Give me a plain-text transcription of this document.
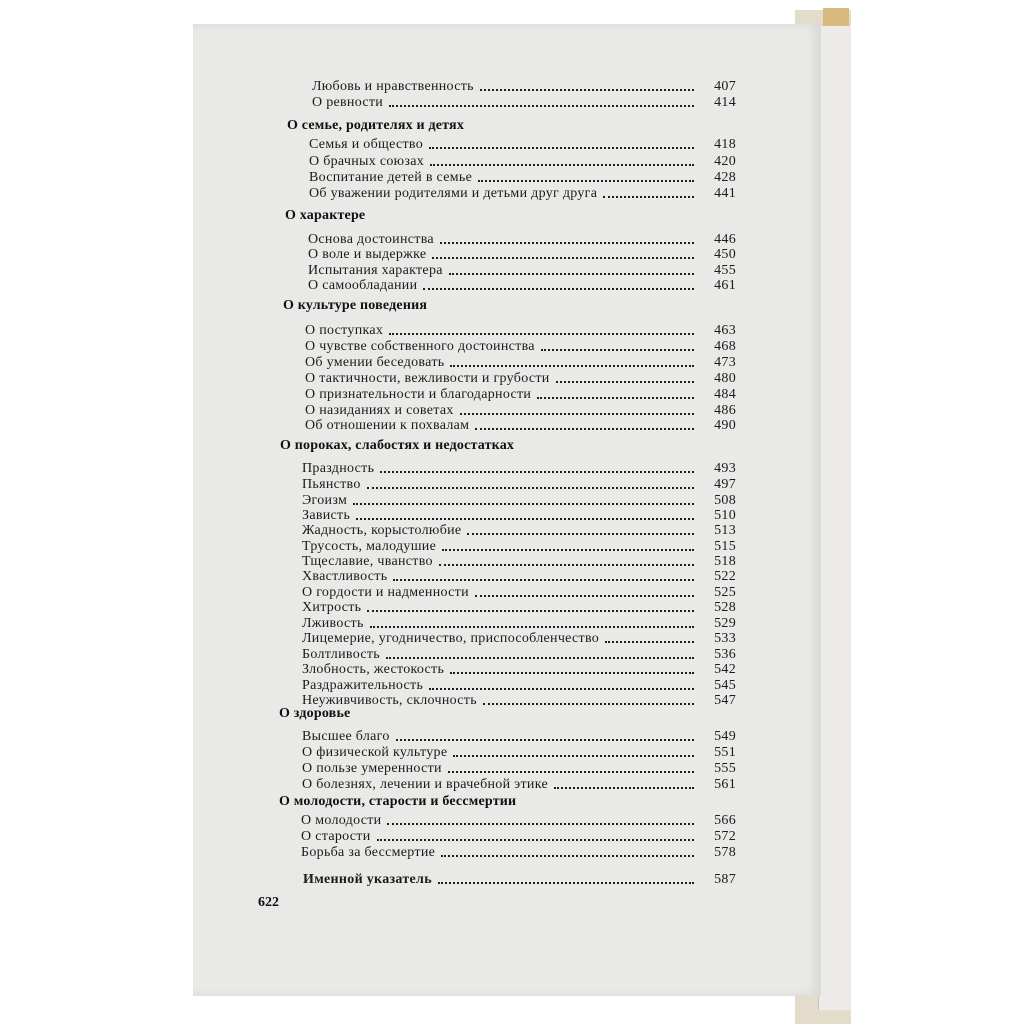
Любовь и нравственность	407
О ревности	414
О семье, родителях и детях
Семья и общество	418
О брачных союзах	420
Воспитание детей в семье	428
Об уважении родителями и детьми друг друга	441
О характере
Основа достоинства	446
О воле и выдержке	450
Испытания характера	455
О самообладании	461
О культуре поведения
О поступках	463
О чувстве собственного достоинства	468
Об умении беседовать	473
О тактичности, вежливости и грубости	480
О признательности и благодарности	484
О назиданиях и советах	486
Об отношении к похвалам	490
О пороках, слабостях и недостатках
Праздность	493
Пьянство	497
Эгоизм	508
Зависть	510
Жадность, корыстолюбие	513
Трусость, малодушие	515
Тщеславие, чванство	518
Хвастливость	522
О гордости и надменности	525
Хитрость	528
Лживость	529
Лицемерие, угодничество, приспособленчество	533
Болтливость	536
Злобность, жестокость	542
Раздражительность	545
Неуживчивость, склочность	547
О здоровье
Высшее благо	549
О физической культуре	551
О пользе умеренности	555
О болезнях, лечении и врачебной этике	561
О молодости, старости и бессмертии
О молодости	566
О старости	572
Борьба за бессмертие	578
Именной указатель	587
622
